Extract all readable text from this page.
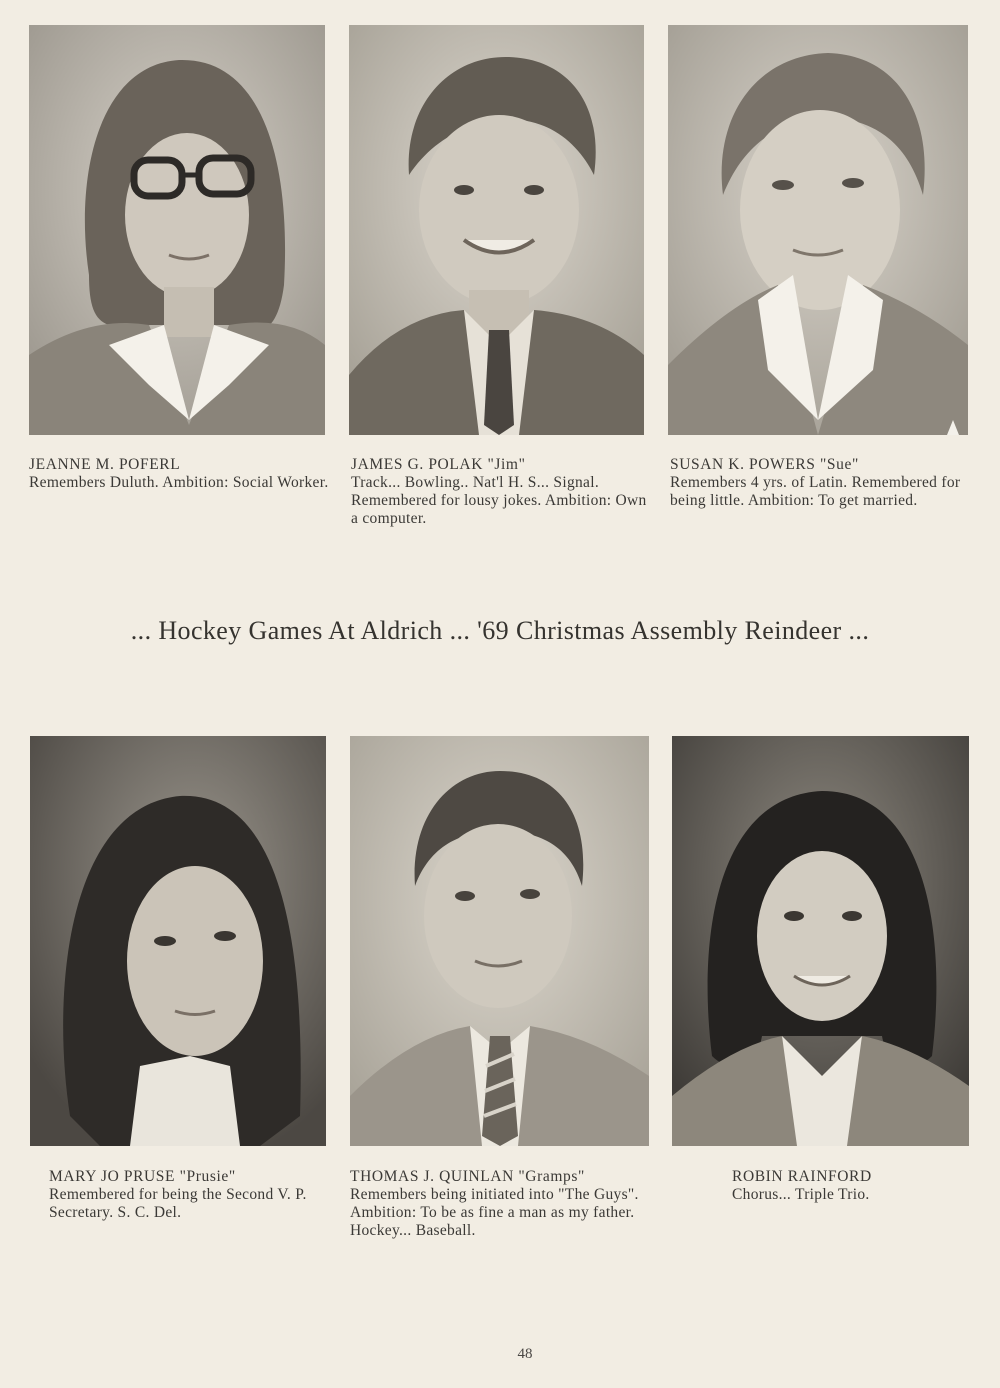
JEANNE M. POFERL
Remembers Duluth. Ambition: Social Worker.
JAMES G. POLAK "Jim"
Track... Bowling.. Nat'l H. S... Signal. Remembered for lousy jokes. Ambition: Own a computer.
SUSAN K. POWERS "Sue"
Remembers 4 yrs. of Latin. Remembered for being little. Ambition: To get married.
... Hockey Games At Aldrich ... '69 Christmas Assembly Reindeer ...
MARY JO PRUSE "Prusie"
Remembered for being the Second V. P. Secretary. S. C. Del.
THOMAS J. QUINLAN "Gramps"
Remembers being initiated into "The Guys". Ambition: To be as fine a man as my father. Hockey... Baseball.
ROBIN RAINFORD
Chorus... Triple Trio.
48
